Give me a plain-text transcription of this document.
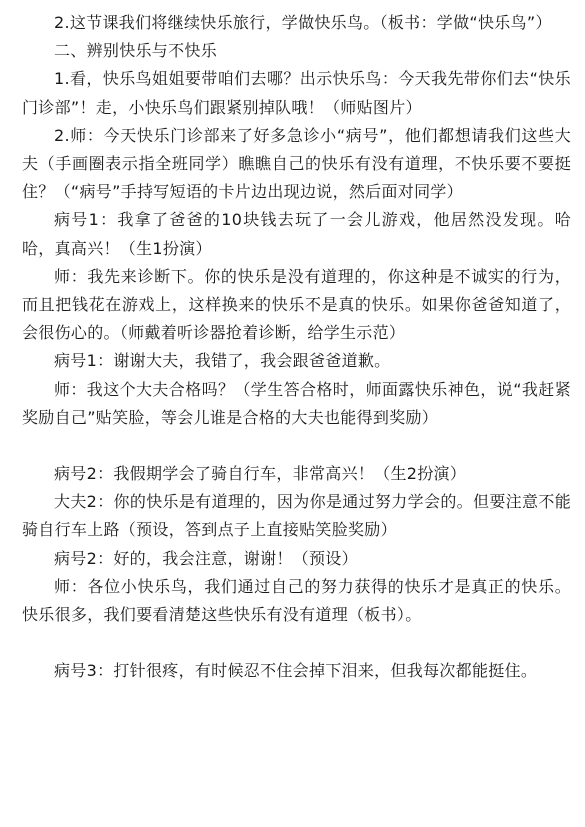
2.这节课我们将继续快乐旅行，学做快乐鸟。（板书：学做“快乐鸟”）

二、辨别快乐与不快乐

1.看，快乐鸟姐姐要带咱们去哪？出示快乐鸟：今天我先带你们去“快乐门诊部”！走，小快乐鸟们跟紧别掉队哦！（师贴图片）

2.师：今天快乐门诊部来了好多急诊小“病号”，他们都想请我们这些大夫（手画圈表示指全班同学）瞧瞧自己的快乐有没有道理，不快乐要不要挺住？（“病号”手持写短语的卡片边出现边说，然后面对同学）

病号1：我拿了爸爸的10块钱去玩了一会儿游戏，他居然没发现。哈哈，真高兴！（生1扮演）

师：我先来诊断下。你的快乐是没有道理的，你这种是不诚实的行为，而且把钱花在游戏上，这样换来的快乐不是真的快乐。如果你爸爸知道了，会很伤心的。（师戴着听诊器抢着诊断，给学生示范）

病号1：谢谢大夫，我错了，我会跟爸爸道歉。

师：我这个大夫合格吗？（学生答合格时，师面露快乐神色，说“我赶紧奖励自己”贴笑脸，等会儿谁是合格的大夫也能得到奖励）

病号2：我假期学会了骑自行车，非常高兴！（生2扮演）

大夫2：你的快乐是有道理的，因为你是通过努力学会的。但要注意不能骑自行车上路（预设，答到点子上直接贴笑脸奖励）

病号2：好的，我会注意，谢谢！（预设）

师：各位小快乐鸟，我们通过自己的努力获得的快乐才是真正的快乐。快乐很多，我们要看清楚这些快乐有没有道理（板书）。

病号3：打针很疼，有时候忍不住会掉下泪来，但我每次都能挺住。
